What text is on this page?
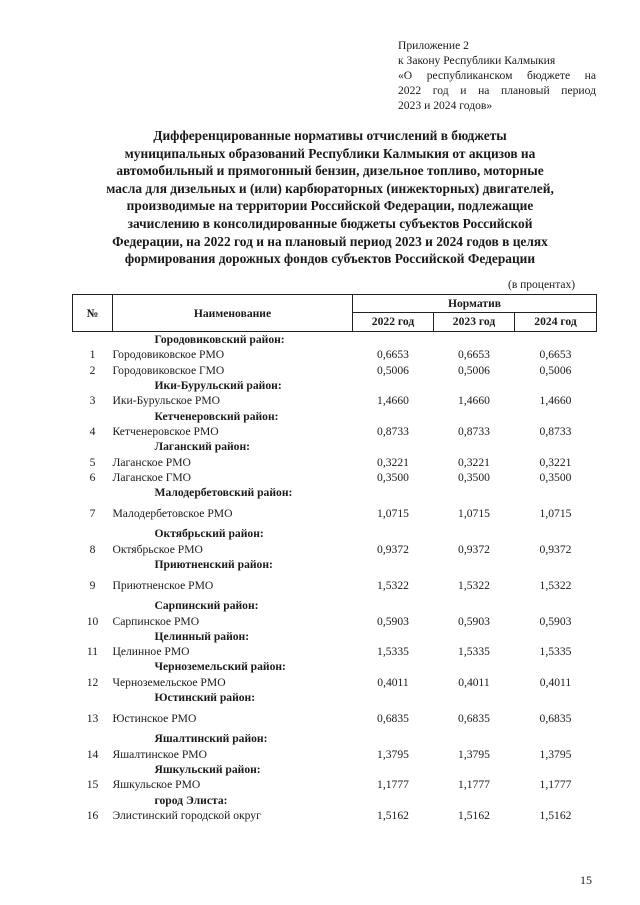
Приложение 2
к Закону Республики Калмыкия
«О республиканском бюджете на
2022 год и на плановый период
2023 и 2024 годов»
Дифференцированные нормативы отчислений в бюджеты
муниципальных образований Республики Калмыкия от акцизов на
автомобильный и прямогонный бензин, дизельное топливо, моторные
масла для дизельных и (или) карбюраторных (инжекторных) двигателей,
производимые на территории Российской Федерации, подлежащие
зачислению в консолидированные бюджеты субъектов Российской
Федерации, на 2022 год и на плановый период 2023 и 2024 годов в целях
формирования дорожных фондов субъектов Российской Федерации
(в процентах)
№	Наименование	Норматив		
		2022 год	2023 год	2024 год
	Городовиковский район:			
1	Городовиковское РМО	0,6653	0,6653	0,6653
2	Городовиковское ГМО	0,5006	0,5006	0,5006
	Ики-Бурульский район:			
3	Ики-Бурульское РМО	1,4660	1,4660	1,4660
	Кетченеровский район:			
4	Кетченеровское РМО	0,8733	0,8733	0,8733
	Лаганский район:			
5	Лаганское РМО	0,3221	0,3221	0,3221
6	Лаганское ГМО	0,3500	0,3500	0,3500
	Малодербетовский район:			
7	Малодербетовское РМО	1,0715	1,0715	1,0715
	Октябрьский район:			
8	Октябрьское РМО	0,9372	0,9372	0,9372
	Приютненский район:			
9	Приютненское РМО	1,5322	1,5322	1,5322
	Сарпинский район:			
10	Сарпинское РМО	0,5903	0,5903	0,5903
	Целинный район:			
11	Целинное РМО	1,5335	1,5335	1,5335
	Черноземельский район:			
12	Черноземельское РМО	0,4011	0,4011	0,4011
	Юстинский район:			
13	Юстинское РМО	0,6835	0,6835	0,6835
	Яшалтинский район:			
14	Яшалтинское РМО	1,3795	1,3795	1,3795
	Яшкульский район:			
15	Яшкульское РМО	1,1777	1,1777	1,1777
	город Элиста:			
16	Элистинский городской округ	1,5162	1,5162	1,5162
15
